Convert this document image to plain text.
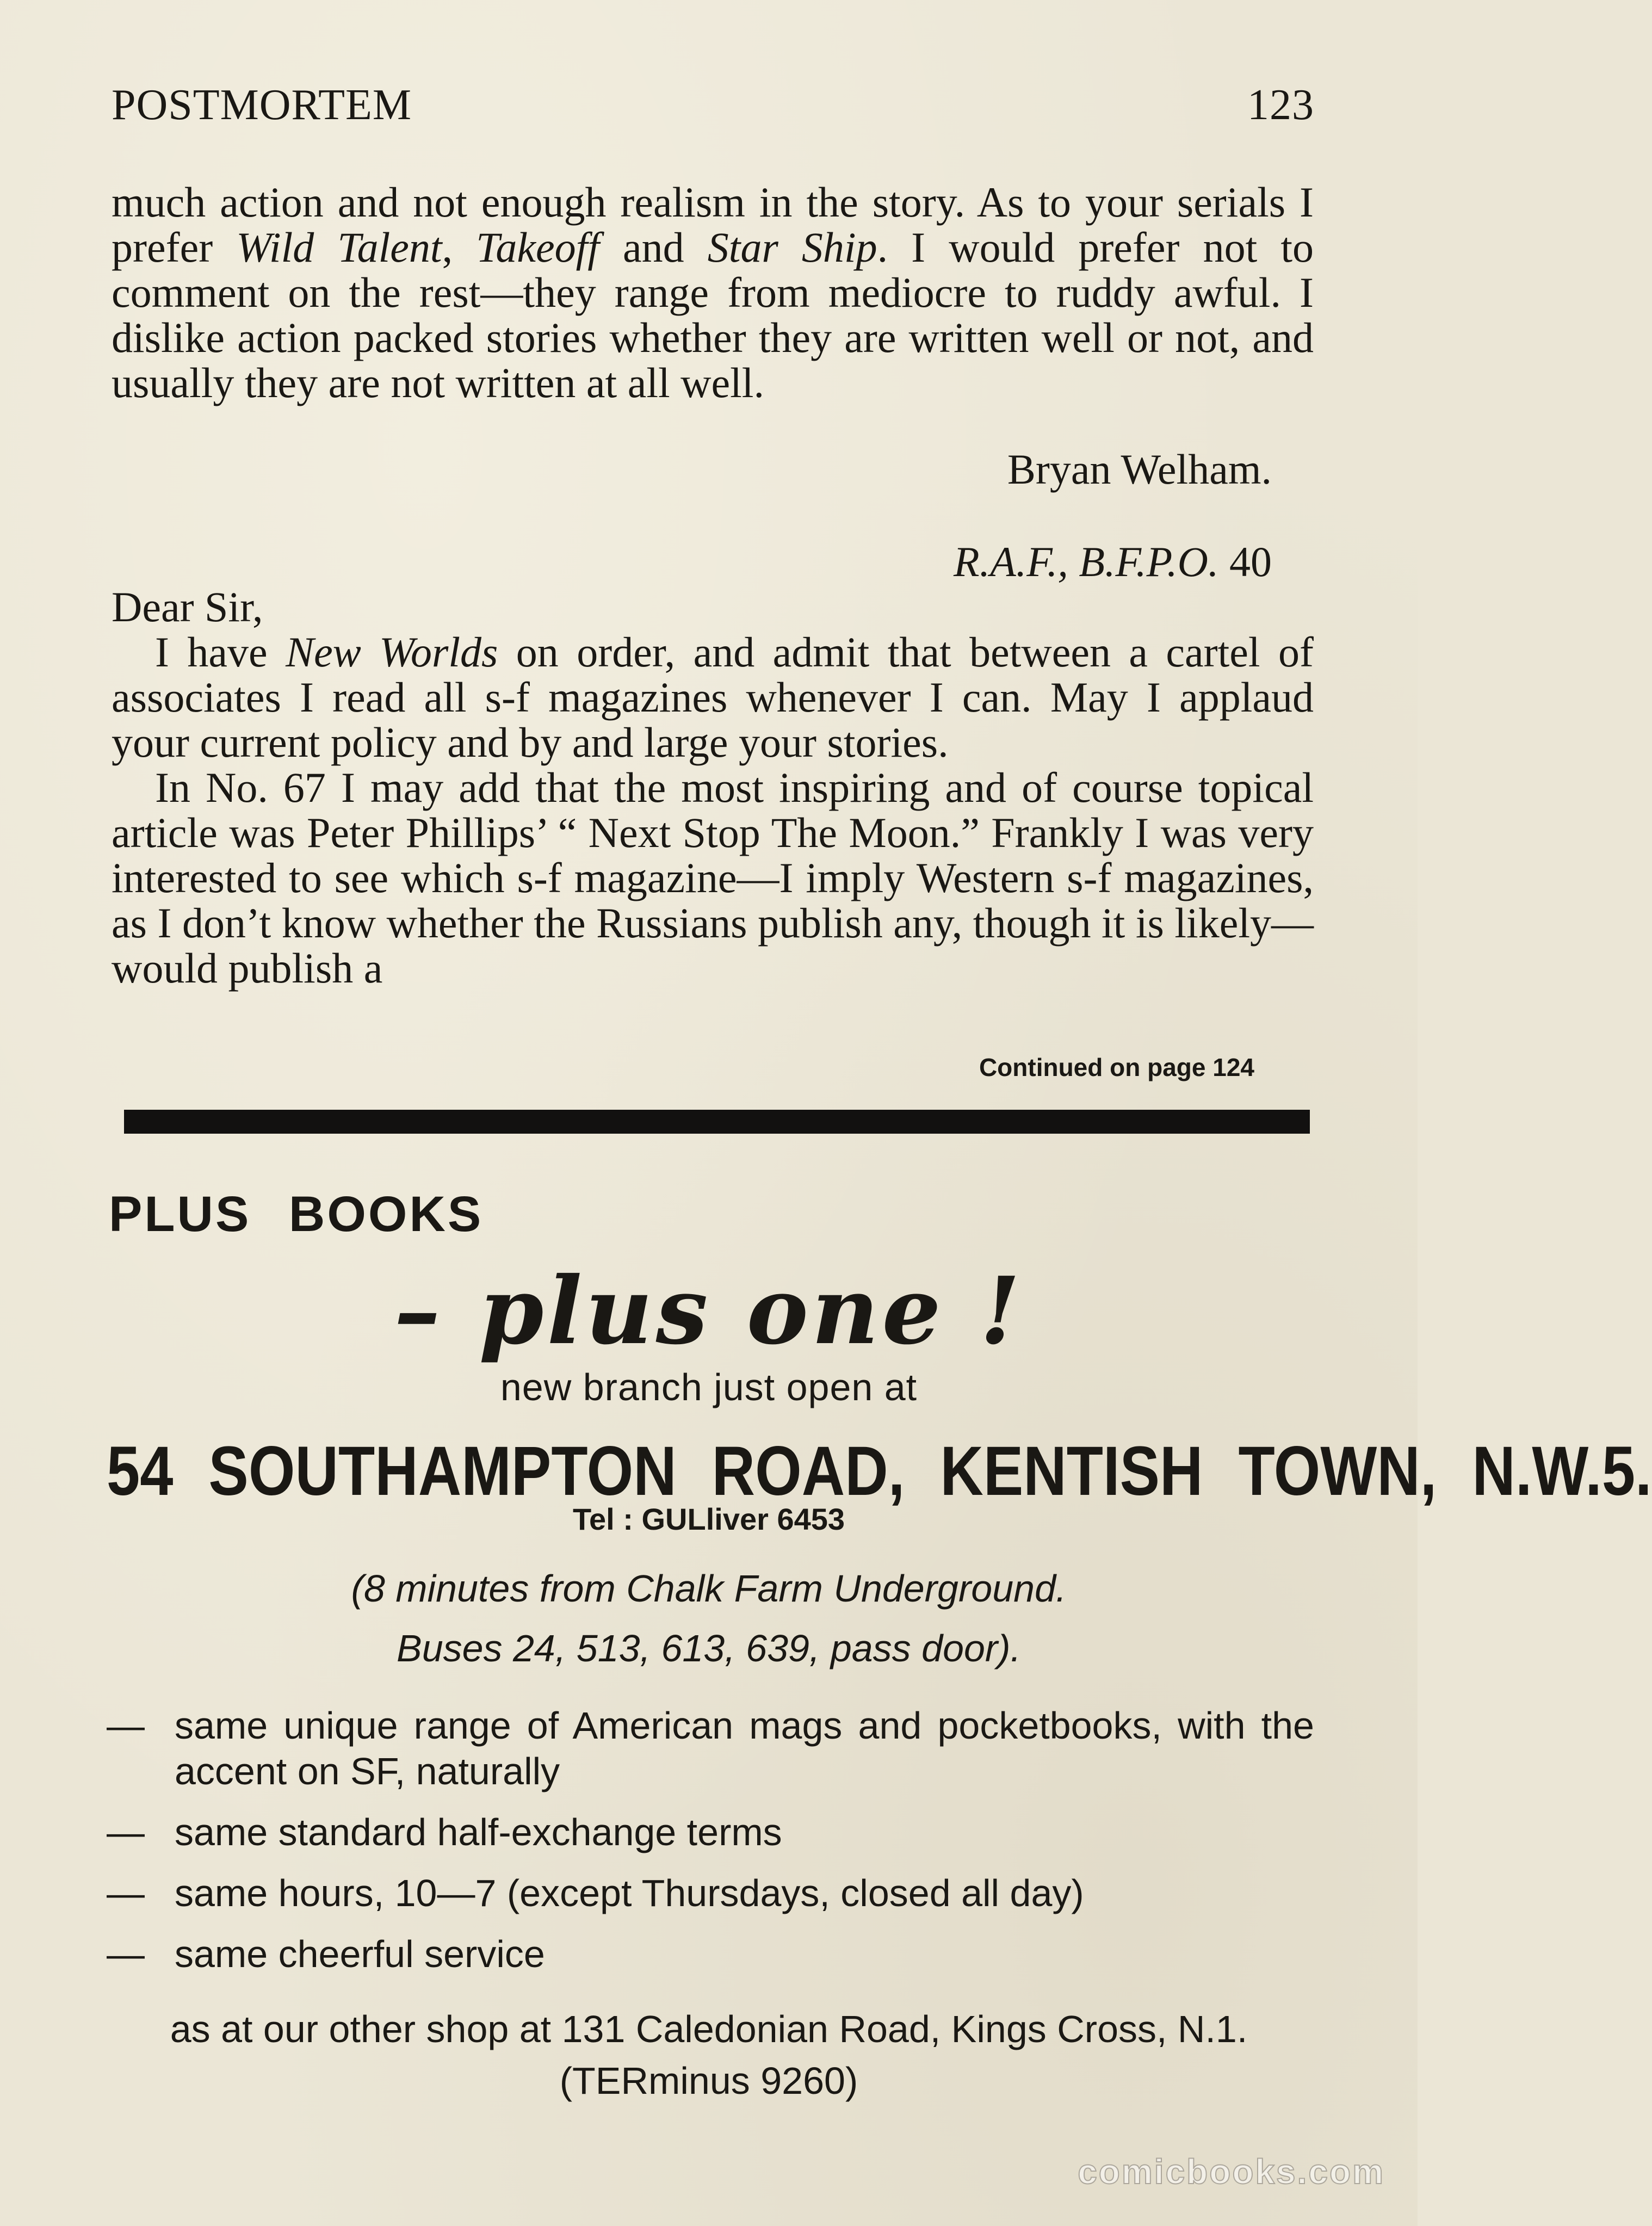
POSTMORTEM	123

much action and not enough realism in the story. As to your serials I prefer Wild Talent, Takeoff and Star Ship. I would prefer not to comment on the rest—they range from mediocre to ruddy awful. I dislike action packed stories whether they are written well or not, and usually they are not written at all well.

Bryan Welham.
R.A.F., B.F.P.O. 40

Dear Sir,

I have New Worlds on order, and admit that between a cartel of associates I read all s-f magazines whenever I can. May I applaud your current policy and by and large your stories.

In No. 67 I may add that the most inspiring and of course topical article was Peter Phillips’ “ Next Stop The Moon.” Frankly I was very interested to see which s-f magazine—I imply Western s-f magazines, as I don’t know whether the Russians publish any, though it is likely—would publish a

Continued on page 124
PLUS BOOKS
– plus one !
new branch just open at
54 SOUTHAMPTON ROAD, KENTISH TOWN, N.W.5.
Tel : GULliver 6453
(8 minutes from Chalk Farm Underground.
Buses 24, 513, 613, 639, pass door).
— same unique range of American mags and pocketbooks, with the accent on SF, naturally
— same standard half-exchange terms
— same hours, 10—7 (except Thursdays, closed all day)
— same cheerful service
as at our other shop at 131 Caledonian Road, Kings Cross, N.1.
(TERminus 9260)
comicbooks.com
